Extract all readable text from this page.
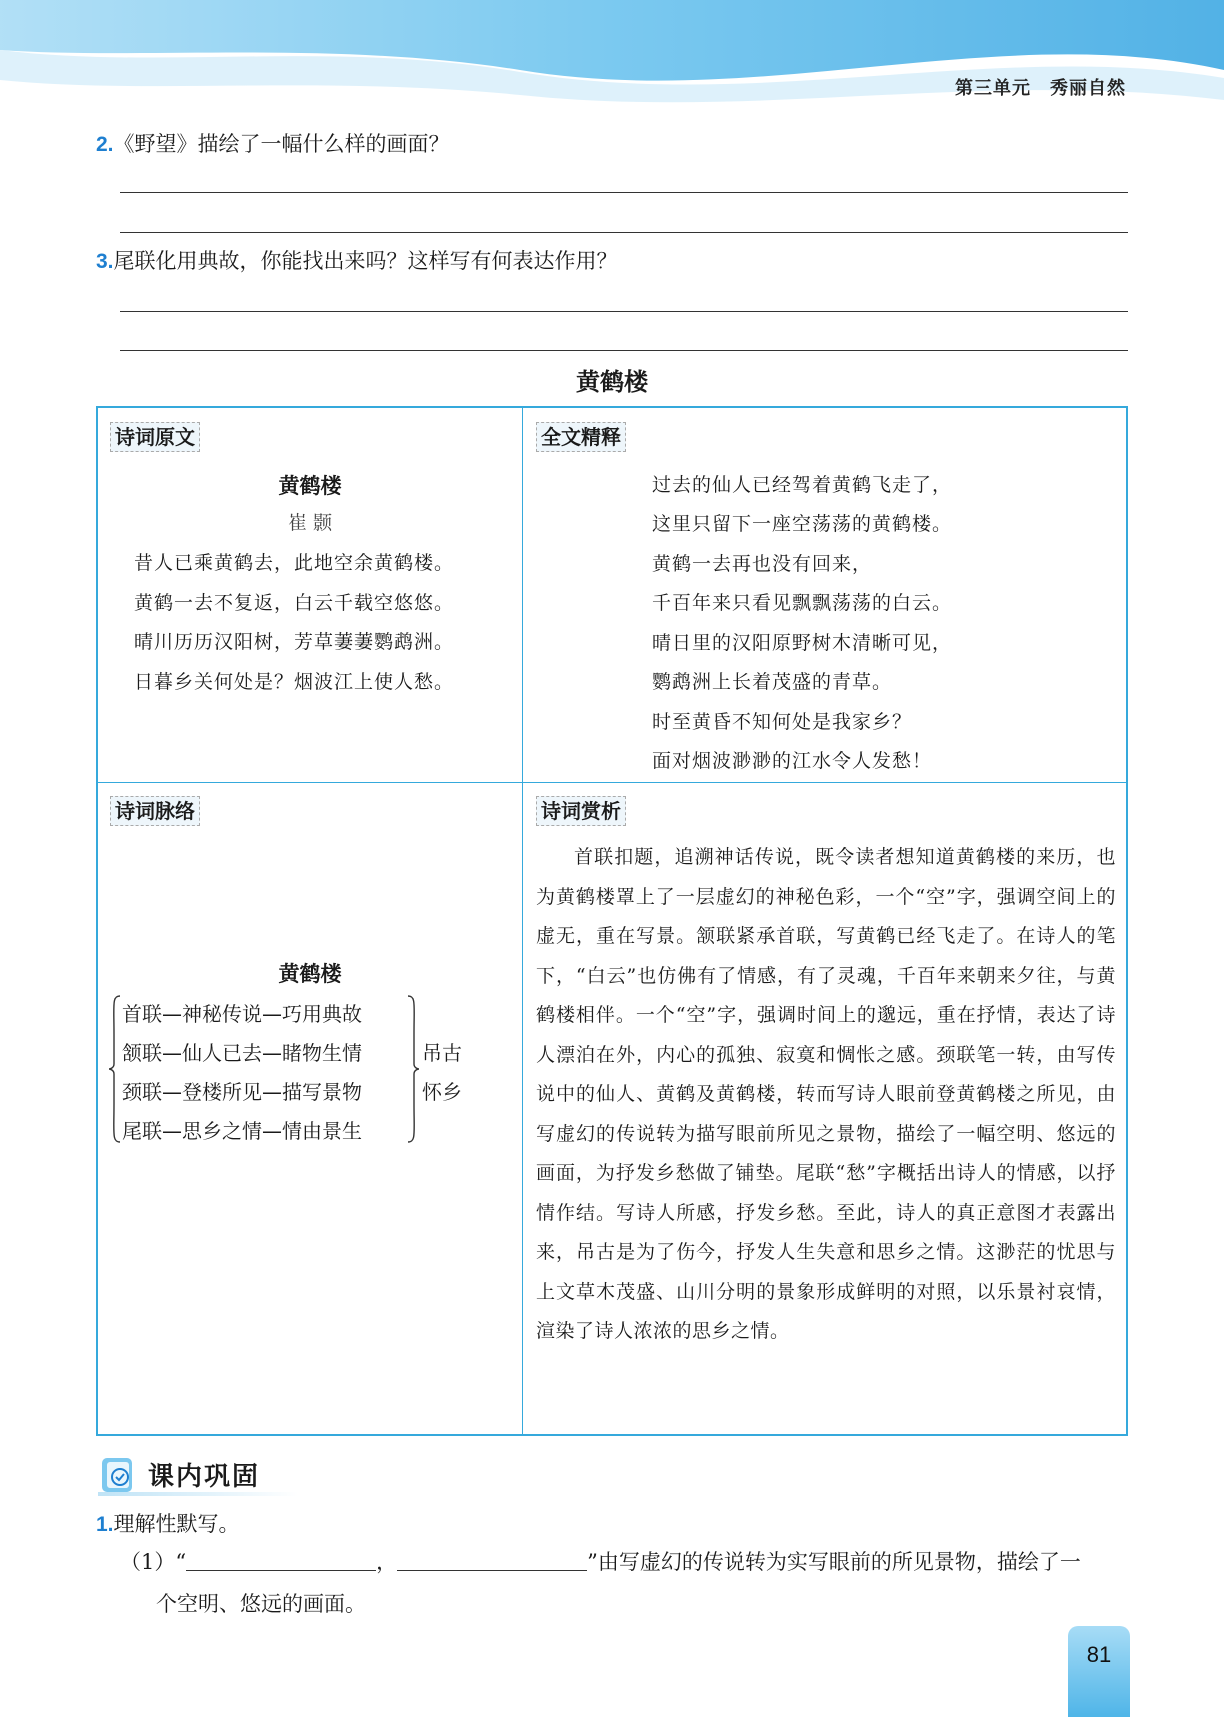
第三单元　秀丽自然
2.《野望》描绘了一幅什么样的画面？
3.尾联化用典故，你能找出来吗？这样写有何表达作用？
黄鹤楼
诗词原文
黄鹤楼
崔 颢
昔人已乘黄鹤去，此地空余黄鹤楼。
黄鹤一去不复返，白云千载空悠悠。
晴川历历汉阳树，芳草萋萋鹦鹉洲。
日暮乡关何处是？烟波江上使人愁。
全文精释
过去的仙人已经驾着黄鹤飞走了，
这里只留下一座空荡荡的黄鹤楼。
黄鹤一去再也没有回来，
千百年来只看见飘飘荡荡的白云。
晴日里的汉阳原野树木清晰可见，
鹦鹉洲上长着茂盛的青草。
时至黄昏不知何处是我家乡？
面对烟波渺渺的江水令人发愁！
诗词脉络
黄鹤楼
首联—神秘传说—巧用典故
颔联—仙人已去—睹物生情
颈联—登楼所见—描写景物
尾联—思乡之情—情由景生
吊古
怀乡
诗词赏析
首联扣题，追溯神话传说，既令读者想知道黄鹤楼的来历，也为黄鹤楼罩上了一层虚幻的神秘色彩，一个“空”字，强调空间上的虚无，重在写景。颔联紧承首联，写黄鹤已经飞走了。在诗人的笔下，“白云”也仿佛有了情感，有了灵魂，千百年来朝来夕往，与黄鹤楼相伴。一个“空”字，强调时间上的邈远，重在抒情，表达了诗人漂泊在外，内心的孤独、寂寞和惆怅之感。颈联笔一转，由写传说中的仙人、黄鹤及黄鹤楼，转而写诗人眼前登黄鹤楼之所见，由写虚幻的传说转为描写眼前所见之景物，描绘了一幅空明、悠远的画面，为抒发乡愁做了铺垫。尾联“愁”字概括出诗人的情感，以抒情作结。写诗人所感，抒发乡愁。至此，诗人的真正意图才表露出来，吊古是为了伤今，抒发人生失意和思乡之情。这渺茫的忧思与上文草木茂盛、山川分明的景象形成鲜明的对照，以乐景衬哀情，渲染了诗人浓浓的思乡之情。
课内巩固
1.理解性默写。
（1）“	，	”由写虚幻的传说转为实写眼前的所见景物，描绘了一
个空明、悠远的画面。
81
